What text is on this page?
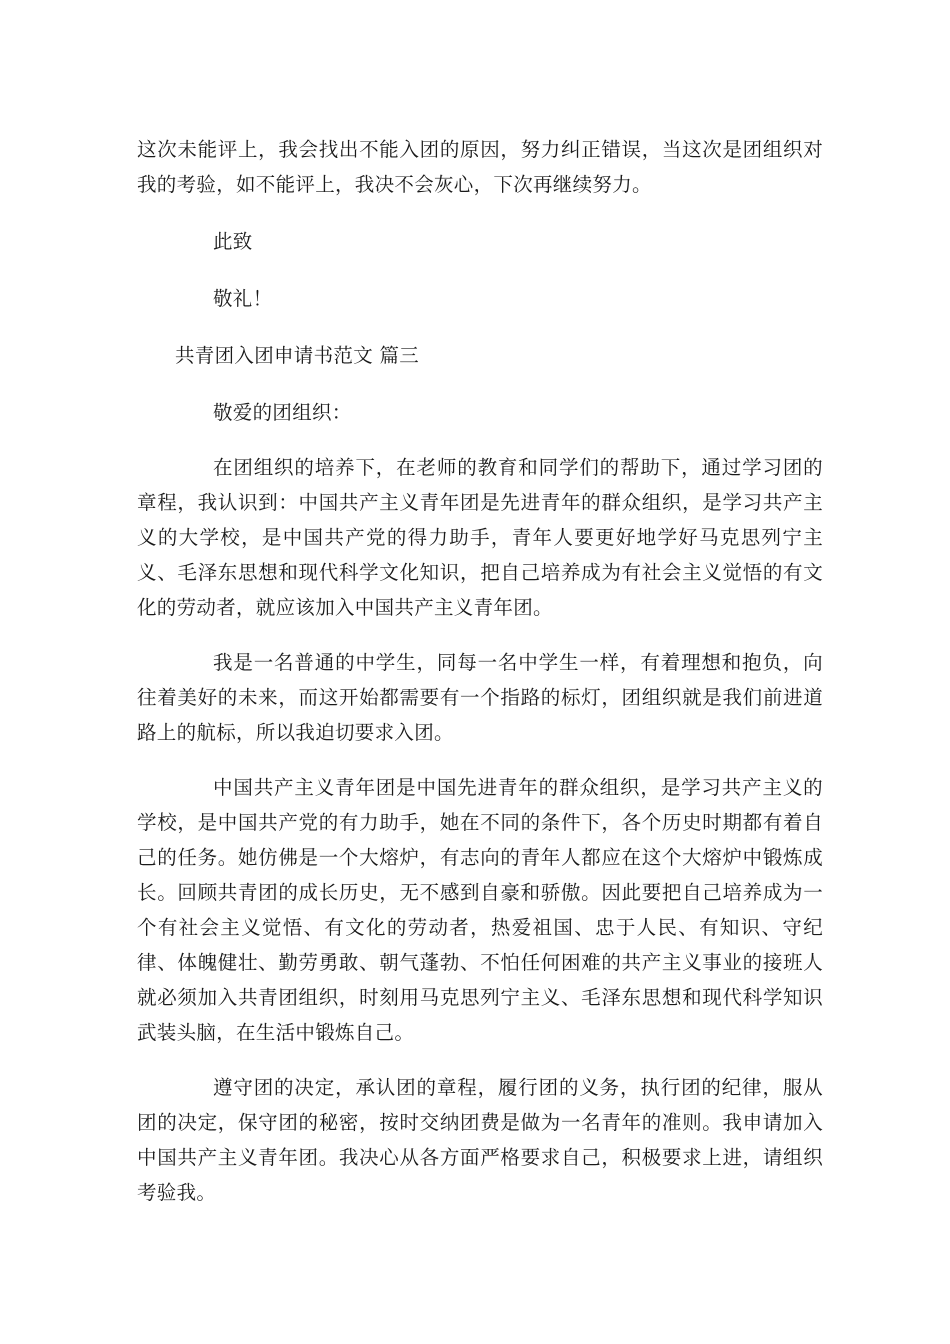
这次未能评上，我会找出不能入团的原因，努力纠正错误，当这次是团组织对我的考验，如不能评上，我决不会灰心，下次再继续努力。

此致

敬礼！

共青团入团申请书范文 篇三

敬爱的团组织：

在团组织的培养下，在老师的教育和同学们的帮助下，通过学习团的章程，我认识到：中国共产主义青年团是先进青年的群众组织，是学习共产主义的大学校，是中国共产党的得力助手，青年人要更好地学好马克思列宁主义、毛泽东思想和现代科学文化知识，把自己培养成为有社会主义觉悟的有文化的劳动者，就应该加入中国共产主义青年团。

我是一名普通的中学生，同每一名中学生一样，有着理想和抱负，向往着美好的未来，而这开始都需要有一个指路的标灯，团组织就是我们前进道路上的航标，所以我迫切要求入团。

中国共产主义青年团是中国先进青年的群众组织，是学习共产主义的学校，是中国共产党的有力助手，她在不同的条件下，各个历史时期都有着自己的任务。她仿佛是一个大熔炉，有志向的青年人都应在这个大熔炉中锻炼成长。回顾共青团的成长历史，无不感到自豪和骄傲。因此要把自己培养成为一个有社会主义觉悟、有文化的劳动者，热爱祖国、忠于人民、有知识、守纪律、体魄健壮、勤劳勇敢、朝气蓬勃、不怕任何困难的共产主义事业的接班人就必须加入共青团组织，时刻用马克思列宁主义、毛泽东思想和现代科学知识武装头脑，在生活中锻炼自己。

遵守团的决定，承认团的章程，履行团的义务，执行团的纪律，服从团的决定，保守团的秘密，按时交纳团费是做为一名青年的准则。我申请加入中国共产主义青年团。我决心从各方面严格要求自己，积极要求上进，请组织考验我。
